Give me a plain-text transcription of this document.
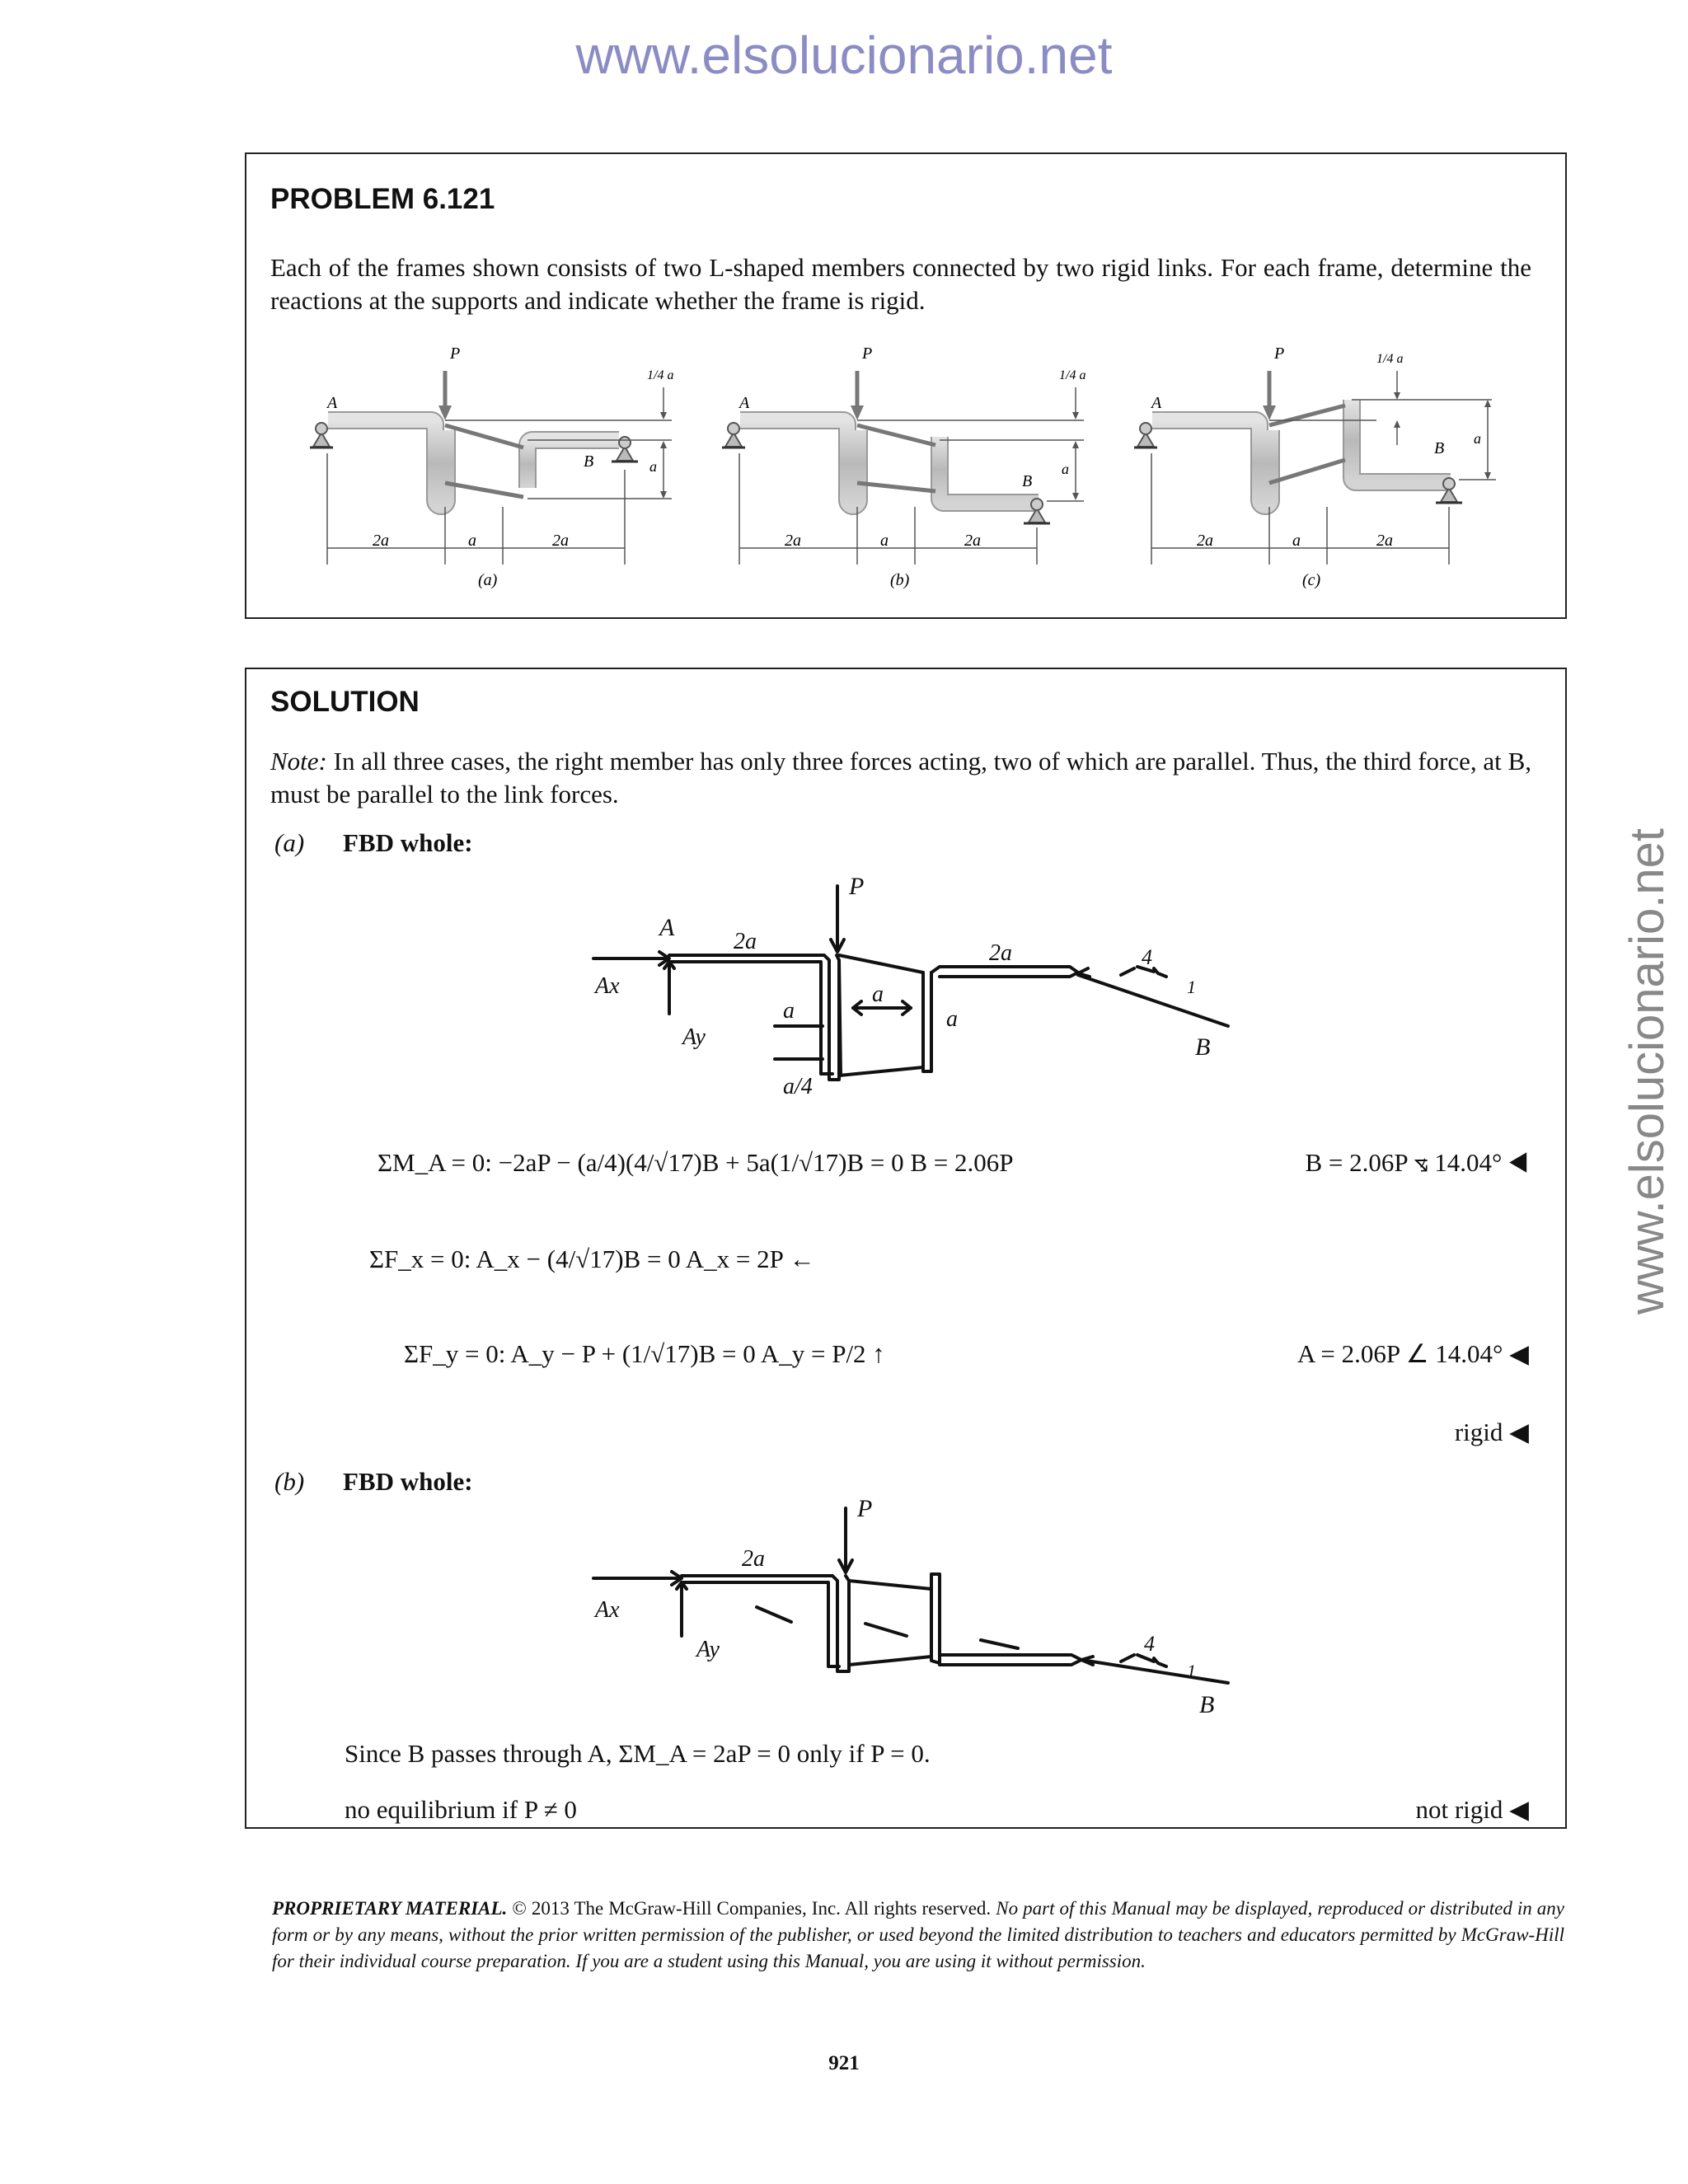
www.elsolucionario.net
www.elsolucionario.net
PROBLEM 6.121
Each of the frames shown consists of two L-shaped members connected by two rigid links. For each frame, determine the reactions at the supports and indicate whether the frame is rigid.
A
P
B
1/4 a
a
2a	a	2a
(a)
A
P
B
1/4 a
a
2a	a	2a
(b)
A
P
B
1/4 a
a
2a	a	2a
(c)
SOLUTION
Note: In all three cases, the right member has only three forces acting, two of which are parallel. Thus, the third force, at B, must be parallel to the link forces.
(a) FBD whole:
A
Ax
Ay
P
2a	2a
a
a
a
a/4
4
1
B
ΣM_A = 0: −2aP − (a/4)(4/√17)B + 5a(1/√17)B = 0 B = 2.06P	B = 2.06P ⦪ 14.04° ◀
ΣF_x = 0: A_x − (4/√17)B = 0 A_x = 2P ←
ΣF_y = 0: A_y − P + (1/√17)B = 0 A_y = P/2 ↑	A = 2.06P ∠ 14.04° ◀
rigid ◀
(b) FBD whole:
Ax
Ay
P
2a
4
1
B
Since B passes through A, ΣM_A = 2aP = 0 only if P = 0.
no equilibrium if P ≠ 0	not rigid ◀
PROPRIETARY MATERIAL. © 2013 The McGraw-Hill Companies, Inc. All rights reserved. No part of this Manual may be displayed, reproduced or distributed in any form or by any means, without the prior written permission of the publisher, or used beyond the limited distribution to teachers and educators permitted by McGraw-Hill for their individual course preparation. If you are a student using this Manual, you are using it without permission.
921
